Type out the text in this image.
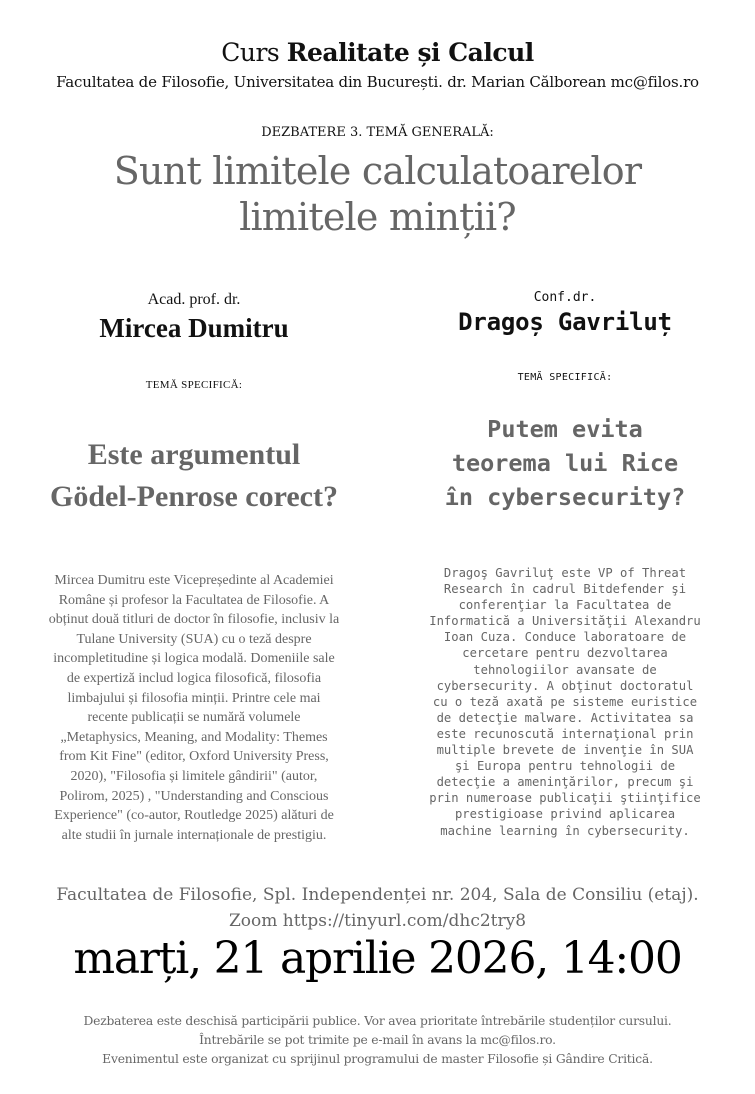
Curs Realitate și Calcul
Facultatea de Filosofie, Universitatea din București. dr. Marian Călborean mc@filos.ro
DEZBATERE 3. TEMĂ GENERALĂ:
Sunt limitele calculatoarelor
limitele minții?
Acad. prof. dr.
Mircea Dumitru
TEMĂ SPECIFICĂ:
Este argumentul
Gödel-Penrose corect?
Mircea Dumitru este Vicepreședinte al Academiei
Române și profesor la Facultatea de Filosofie. A
obținut două titluri de doctor în filosofie, inclusiv la
Tulane University (SUA) cu o teză despre
incompletitudine și logica modală. Domeniile sale
de expertiză includ logica filosofică, filosofia
limbajului și filosofia minții. Printre cele mai
recente publicații se numără volumele
„Metaphysics, Meaning, and Modality: Themes
from Kit Fine" (editor, Oxford University Press,
2020), "Filosofia și limitele gândirii" (autor,
Polirom, 2025) , "Understanding and Conscious
Experience" (co-autor, Routledge 2025) alături de
alte studii în jurnale internaționale de prestigiu.
Conf.dr.
Dragoș Gavriluț
TEMĂ SPECIFICĂ:
Putem evita
teorema lui Rice
în cybersecurity?
Dragoş Gavriluţ este VP of Threat
Research în cadrul Bitdefender şi
conferenţiar la Facultatea de
Informatică a Universităţii Alexandru
Ioan Cuza. Conduce laboratoare de
cercetare pentru dezvoltarea
tehnologiilor avansate de
cybersecurity. A obţinut doctoratul
cu o teză axată pe sisteme euristice
de detecţie malware. Activitatea sa
este recunoscută internaţional prin
multiple brevete de invenţie în SUA
şi Europa pentru tehnologii de
detecţie a ameninţărilor, precum şi
prin numeroase publicaţii ştiinţifice
prestigioase privind aplicarea
machine learning în cybersecurity.
Facultatea de Filosofie, Spl. Independenței nr. 204, Sala de Consiliu (etaj).
Zoom https://tinyurl.com/dhc2try8
marți, 21 aprilie 2026, 14:00
Dezbaterea este deschisă participării publice. Vor avea prioritate întrebările studenților cursului.
Întrebările se pot trimite pe e-mail în avans la mc@filos.ro.
Evenimentul este organizat cu sprijinul programului de master Filosofie și Gândire Critică.
